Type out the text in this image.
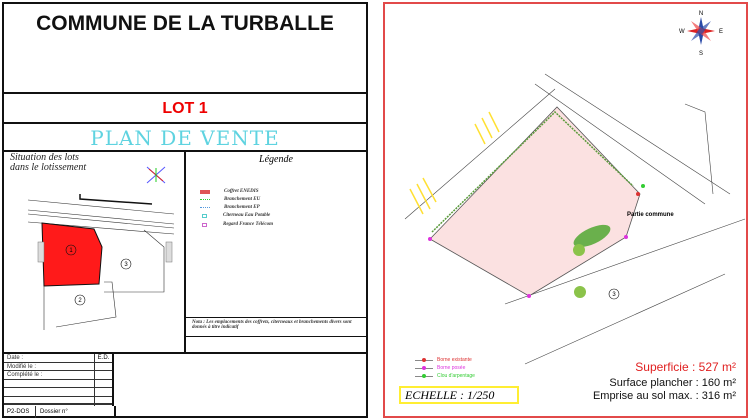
COMMUNE DE LA TURBALLE
LOT 1
PLAN DE VENTE
Situation des lots
dans le lotissement
1
2
3
Légende
Coffret ENEDIS
Branchement EU
Branchement EP
Citerneau Eau Potable
Regard France Télécom
Nota : Les emplacements des coffrets, citerneaux et branchements divers sont donnés à titre indicatif
Date :
Modifié le :
Complété le :
E.D.
P2-DOS	Dossier n°
N
E
S
W
Partie commune
3
Borne existante
Borne posée
Clou d'arpentage
ECHELLE : 1/250
Superficie : 527 m²
Surface plancher : 160 m²
Emprise au sol max. : 316 m²
